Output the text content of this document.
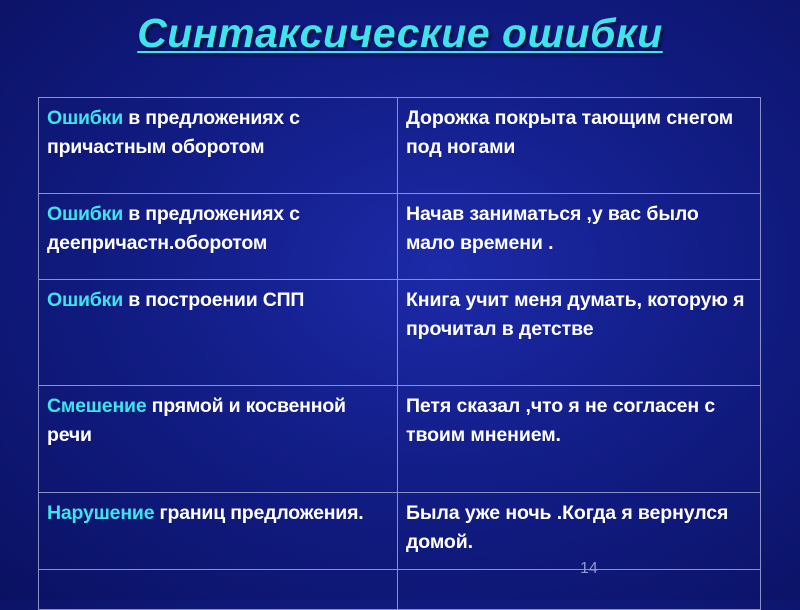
Синтаксические ошибки
Ошибки в предложениях с причастным оборотом	Дорожка покрыта тающим снегом под ногами
Ошибки в предложениях с деепричастн.оборотом	Начав заниматься ,у вас было мало времени .
Ошибки в построении СПП	Книга учит меня думать, которую я прочитал в детстве
Смешение прямой и косвенной речи	Петя сказал ,что я не согласен с твоим мнением.
Нарушение границ предложения.	Была уже ночь .Когда я вернулся домой.

14
